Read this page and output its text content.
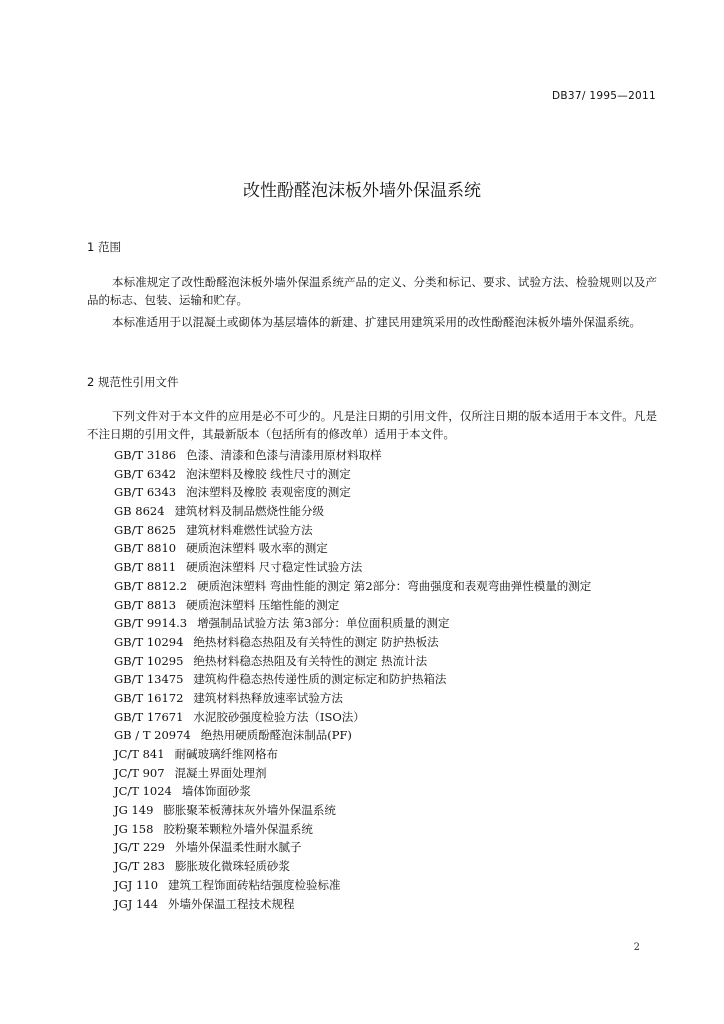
DB37/ 1995—2011
改性酚醛泡沫板外墙外保温系统
1 范围

本标准规定了改性酚醛泡沫板外墙外保温系统产品的定义、分类和标记、要求、试验方法、检验规则以及产品的标志、包装、运输和贮存。

本标准适用于以混凝土或砌体为基层墙体的新建、扩建民用建筑采用的改性酚醛泡沫板外墙外保温系统。

2 规范性引用文件

下列文件对于本文件的应用是必不可少的。凡是注日期的引用文件，仅所注日期的版本适用于本文件。凡是不注日期的引用文件，其最新版本（包括所有的修改单）适用于本文件。

GB/T 3186 色漆、清漆和色漆与清漆用原材料取样
GB/T 6342 泡沫塑料及橡胶 线性尺寸的测定
GB/T 6343 泡沫塑料及橡胶 表观密度的测定
GB 8624 建筑材料及制品燃烧性能分级
GB/T 8625 建筑材料难燃性试验方法
GB/T 8810 硬质泡沫塑料 吸水率的测定
GB/T 8811 硬质泡沫塑料 尺寸稳定性试验方法
GB/T 8812.2 硬质泡沫塑料 弯曲性能的测定 第2部分：弯曲强度和表观弯曲弹性模量的测定
GB/T 8813 硬质泡沫塑料 压缩性能的测定
GB/T 9914.3 增强制品试验方法 第3部分：单位面积质量的测定
GB/T 10294 绝热材料稳态热阻及有关特性的测定 防护热板法
GB/T 10295 绝热材料稳态热阻及有关特性的测定 热流计法
GB/T 13475 建筑构件稳态热传递性质的测定标定和防护热箱法
GB/T 16172 建筑材料热释放速率试验方法
GB/T 17671 水泥胶砂强度检验方法（ISO法）
GB / T 20974 绝热用硬质酚醛泡沫制品(PF)
JC/T 841 耐碱玻璃纤维网格布
JC/T 907 混凝土界面处理剂
JC/T 1024 墙体饰面砂浆
JG 149 膨胀聚苯板薄抹灰外墙外保温系统
JG 158 胶粉聚苯颗粒外墙外保温系统
JG/T 229 外墙外保温柔性耐水腻子
JG/T 283 膨胀玻化微珠轻质砂浆
JGJ 110 建筑工程饰面砖粘结强度检验标准
JGJ 144 外墙外保温工程技术规程
2
